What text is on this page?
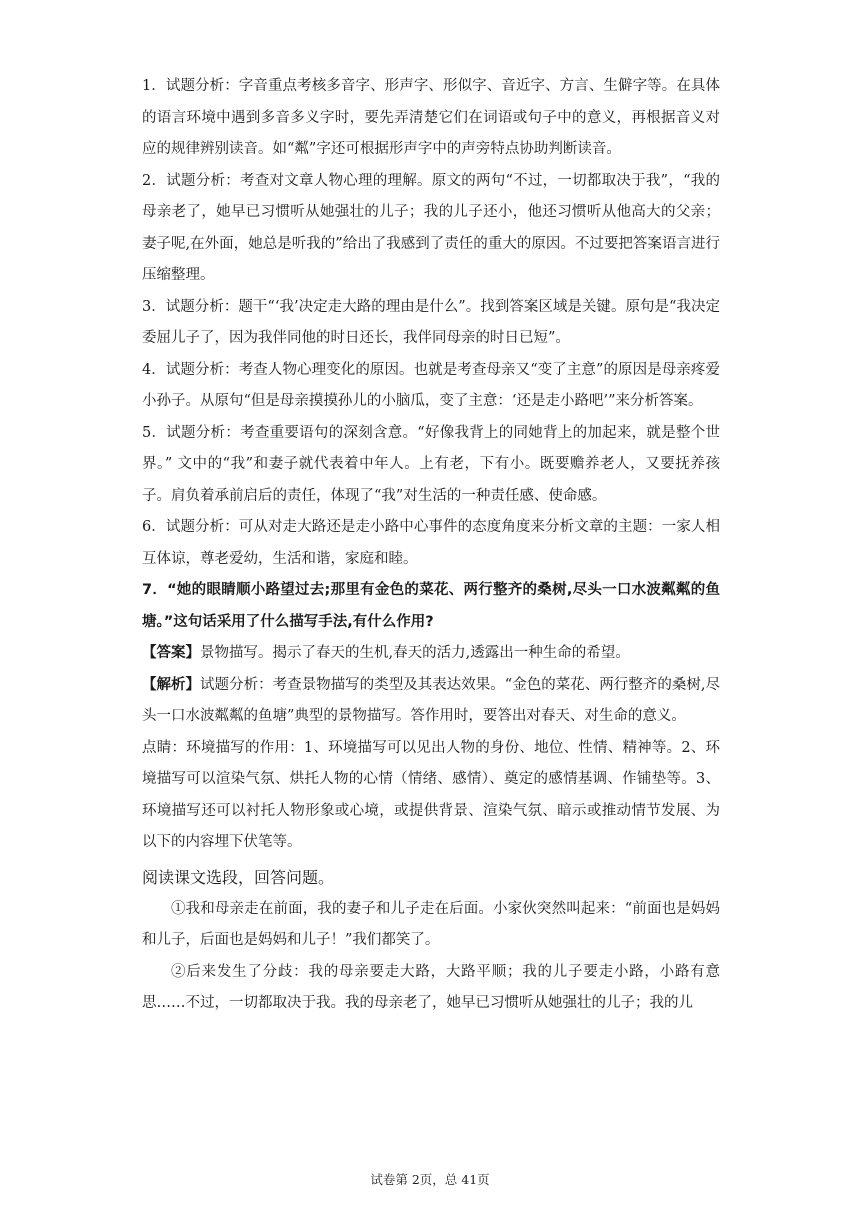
1．试题分析：字音重点考核多音字、形声字、形似字、音近字、方言、生僻字等。在具体的语言环境中遇到多音多义字时，要先弄清楚它们在词语或句子中的意义，再根据音义对应的规律辨别读音。如“粼”字还可根据形声字中的声旁特点协助判断读音。

2．试题分析：考查对文章人物心理的理解。原文的两句“不过，一切都取决于我”，“我的母亲老了，她早已习惯听从她强壮的儿子；我的儿子还小，他还习惯听从他高大的父亲；妻子呢,在外面，她总是听我的”给出了我感到了责任的重大的原因。不过要把答案语言进行压缩整理。

3．试题分析：题干“‘我’决定走大路的理由是什么”。找到答案区域是关键。原句是“我决定委屈儿子了，因为我伴同他的时日还长，我伴同母亲的时日已短”。

4．试题分析：考查人物心理变化的原因。也就是考查母亲又“变了主意”的原因是母亲疼爱小孙子。从原句“但是母亲摸摸孙儿的小脑瓜，变了主意：‘还是走小路吧’”来分析答案。

5．试题分析：考查重要语句的深刻含意。“好像我背上的同她背上的加起来，就是整个世界。” 文中的“我”和妻子就代表着中年人。上有老，下有小。既要赡养老人，又要抚养孩子。肩负着承前启后的责任，体现了“我”对生活的一种责任感、使命感。

6．试题分析：可从对走大路还是走小路中心事件的态度角度来分析文章的主题：一家人相互体谅，尊老爱幼，生活和谐，家庭和睦。

7．“她的眼睛顺小路望过去;那里有金色的菜花、两行整齐的桑树,尽头一口水波粼粼的鱼塘。”这句话采用了什么描写手法,有什么作用?

【答案】景物描写。揭示了春天的生机,春天的活力,透露出一种生命的希望。

【解析】试题分析：考查景物描写的类型及其表达效果。“金色的菜花、两行整齐的桑树,尽头一口水波粼粼的鱼塘”典型的景物描写。答作用时，要答出对春天、对生命的意义。

点睛：环境描写的作用：1、环境描写可以见出人物的身份、地位、性情、精神等。2、环境描写可以渲染气氛、烘托人物的心情（情绪、感情）、奠定的感情基调、作铺垫等。3、环境描写还可以衬托人物形象或心境，或提供背景、渲染气氛、暗示或推动情节发展、为以下的内容埋下伏笔等。

阅读课文选段，回答问题。

①我和母亲走在前面，我的妻子和儿子走在后面。小家伙突然叫起来：“前面也是妈妈和儿子，后面也是妈妈和儿子！”我们都笑了。

②后来发生了分歧：我的母亲要走大路，大路平顺；我的儿子要走小路，小路有意思……不过，一切都取决于我。我的母亲老了，她早已习惯听从她强壮的儿子；我的儿

试卷第 2页，总 41页
